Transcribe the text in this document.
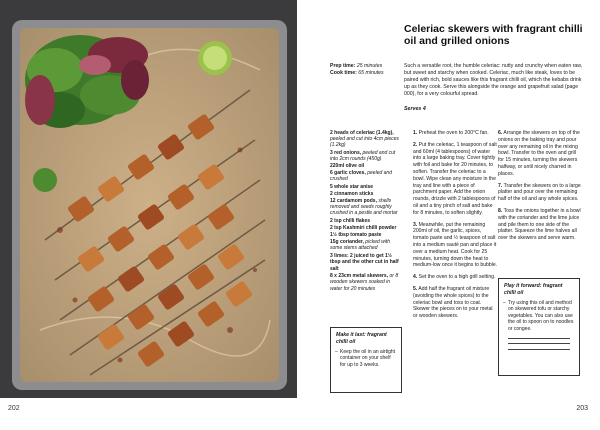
202	203
Celeriac skewers with fragrant chilli oil and grilled onions
Prep time: 25 minutes
Cook time: 65 minutes
Such a versatile root, the humble celeriac: nutty and crunchy when eaten raw, but sweet and starchy when cooked. Celeriac, much like steak, loves to be paired with rich, bold sauces like this fragrant chilli oil, which the kebabs drink up as they cook. Serve this alongside the orange and grapefruit salad (page 000), for a very colourful spread.
Serves 4
2 heads of celeriac (1.4kg), peeled and cut into 4cm pieces (1.2kg)
3 red onions, peeled and cut into 2cm rounds (450g)
220ml olive oil
6 garlic cloves, peeled and crushed
5 whole star anise
2 cinnamon sticks
12 cardamom pods, shells removed and seeds roughly crushed in a pestle and mortar
2 tsp chilli flakes
2 tsp Kashmiri chilli powder
1½ tbsp tomato paste
15g coriander, picked with some stems attached
3 limes: 2 juiced to get 1½ tbsp and the other cut in half
salt
8 x 23cm metal skewers, or 8 wooden skewers soaked in water for 20 minutes
1. Preheat the oven to 200°C fan.
2. Put the celeriac, 1 teaspoon of salt and 60ml (4 tablespoons) of water into a large baking tray. Cover tightly with foil and bake for 20 minutes, to soften. Transfer the celeriac to a bowl. Wipe clean any moisture in the tray and line with a piece of parchment paper. Add the onion rounds, drizzle with 2 tablespoons of oil and a tiny pinch of salt and bake for 8 minutes, to soften slightly.
3. Meanwhile, put the remaining 200ml of oil, the garlic, spices, tomato paste and ½ teaspoon of salt into a medium sauté pan and place it over a medium heat. Cook for 25 minutes, turning down the heat to medium-low once it begins to bubble.
4. Set the oven to a high grill setting.
5. Add half the fragrant oil mixture (avoiding the whole spices) to the celeriac bowl and toss to coat. Skewer the pieces on to your metal or wooden skewers.
6. Arrange the skewers on top of the onions on the baking tray and pour over any remaining oil in the mixing bowl. Transfer to the oven and grill for 15 minutes, turning the skewers halfway, or until nicely charred in places.
7. Transfer the skewers on to a large platter and pour over the remaining half of the oil and any whole spices.
8. Toss the onions together in a bowl with the coriander and the lime juice and pile them to one side of the platter. Squeeze the lime halves all over the skewers and serve warm.
Make it last: fragrant chilli oil
– Keep the oil in an airtight container on your shelf for up to 3 weeks.
Play it forward: fragrant chilli oil
– Try using this oil and method on skewered tofu or starchy vegetables. You can also use the oil to spoon on to noodles or congee.
